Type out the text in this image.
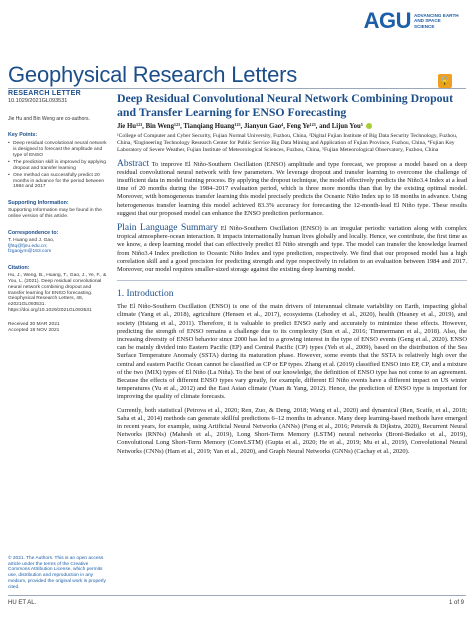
AGU ADVANCING EARTH AND SPACE SCIENCE
Geophysical Research Letters	🔓
RESEARCH LETTER
10.1029/2021GL093531
Jie Hu and Bin Weng are co-authors.
Key Points:
• Deep residual convolutional neural network is designed to forecast the amplitude and type of ENSO
• The prediction skill is improved by applying dropout and transfer learning
• One method can successfully predict 20 months in advance for the period between 1984 and 2017
Supporting Information:
Supporting Information may be found in the online version of this article.
Correspondence to:
T. Huang and J. Gao,
fjhtq@fjnu.edu.cn;
fzgaojym@163.com
Citation:
Hu, J., Weng, B., Huang, T., Gao, J., Ye, F., & You, L. (2021). Deep residual convolutional neural network combining dropout and transfer learning for ENSO forecasting. Geophysical Research Letters, 48, e2021GL093531. https://doi.org/10.1029/2021GL093531
Received 30 MAR 2021
Accepted 18 NOV 2021
© 2021. The Authors. This is an open access article under the terms of the Creative Commons Attribution License, which permits use, distribution and reproduction in any medium, provided the original work is properly cited.
Deep Residual Convolutional Neural Network Combining Dropout and Transfer Learning for ENSO Forecasting
Jie Hu¹²³, Bin Weng¹²³, Tianqiang Huang¹²³, Jianyun Gao⁴, Feng Ye¹²³, and Lijun You⁵
¹College of Computer and Cyber Security, Fujian Normal University, Fuzhou, China, ²Digital Fujian Institute of Big Data Security Technology, Fuzhou, China, ³Engineering Technology Research Center for Public Service Big Data Mining and Application of Fujian Province, Fuzhou, China, ⁴Fujian Key Laboratory of Severe Weather, Fujian Institute of Meteorological Sciences, Fuzhou, China, ⁵Fujian Meteorological Observatory, Fuzhou, China
Abstract To improve El Niño-Southern Oscillation (ENSO) amplitude and type forecast, we propose a model based on a deep residual convolutional neural network with few parameters. We leverage dropout and transfer learning to overcome the challenge of insufficient data in model training process. By applying the dropout technique, the model effectively predicts the Niño3.4 Index at a lead time of 20 months during the 1984–2017 evaluation period, which is three more months than that by the existing optimal model. Moreover, with homogeneous transfer learning this model precisely predicts the Oceanic Niño Index up to 18 months in advance. Using heterogeneous transfer learning this model achieved 83.3% accuracy for forecasting the 12-month-lead El Niño type. These results suggest that our proposed model can enhance the ENSO prediction performance.
Plain Language Summary El Niño-Southern Oscillation (ENSO) is an irregular periodic variation along with complex tropical atmosphere-ocean interaction. It impacts internationally human lives globally and locally. Hence, we contribute, the first time as we know, a deep learning model that can effectively predict El Niño strength and type. The model can transfer the knowledge learned from Niño3.4 Index prediction to Oceanic Niño Index and type prediction, respectively. We find that our proposed model has a high correlation skill and a good precision for predicting strength and type respectively in relation to an evaluation between 1984 and 2017. Moreover, our model requires smaller-sized storage against the existing deep learning model.
1. Introduction
The El Niño-Southern Oscillation (ENSO) is one of the main drivers of interannual climate variability on Earth, impacting global climate (Yang et al., 2018), agriculture (Hensen et al., 2017), ecosystems (Lehodey et al., 2020), health (Heaney et al., 2019), and society (Hsiang et al., 2011). Therefore, it is valuable to predict ENSO early and accurately to minimize these effects. However, predicting the strength of ENSO remains a challenge due to its complexity (Sun et al., 2016; Timmermann et al., 2018). Also, the increasing diversity of ENSO behavior since 2000 has led to a growing interest in the type of ENSO events (Geng et al., 2020). ENSO can be mainly divided into Eastern Pacific (EP) and Central Pacific (CP) types (Yeh et al., 2009), based on the distribution of the Sea Surface Temperature Anomaly (SSTA) during its maturation phase. However, some events that the SSTA is relatively high over the central and eastern Pacific Ocean cannot be classified as CP or EP types. Zhang et al. (2019) classified ENSO into EP, CP, and a mixture of the two (MIX) types of El Niño (La Niña). To the best of our knowledge, the definition of ENSO type has not come to an agreement. Because the effects of different ENSO types vary greatly, for example, different El Niño events have a different impact on US winter temperatures (Yu et al., 2012) and the East Asian climate (Yuan & Yang, 2012). Hence, the prediction of ENSO type is important for improving the quality of climate forecasts.
Currently, both statistical (Petrova et al., 2020; Ren, Zuo, & Deng, 2018; Wang et al., 2020) and dynamical (Ren, Scaife, et al., 2018; Saha et al., 2014) methods can generate skillful predictions 6–12 months in advance. Many deep learning-based methods have emerged in recent years, for example, using Artificial Neural Networks (ANNs) (Feng et al., 2016; Petersik & Dijkstra, 2020), Recurrent Neural Networks (RNNs) (Mahesh et al., 2019), Long Short-Term Memory (LSTM) neural networks (Broni-Bedaiko et al., 2019), Convolutional Long Short-Term Memory (ConvLSTM) (Gupta et al., 2020; He et al., 2019; Mu et al., 2019), Convolutional Neural Networks (CNNs) (Ham et al., 2019; Yan et al., 2020), and Graph Neural Networks (GNNs) (Cachay et al., 2020).
HU ET AL.	1 of 9
